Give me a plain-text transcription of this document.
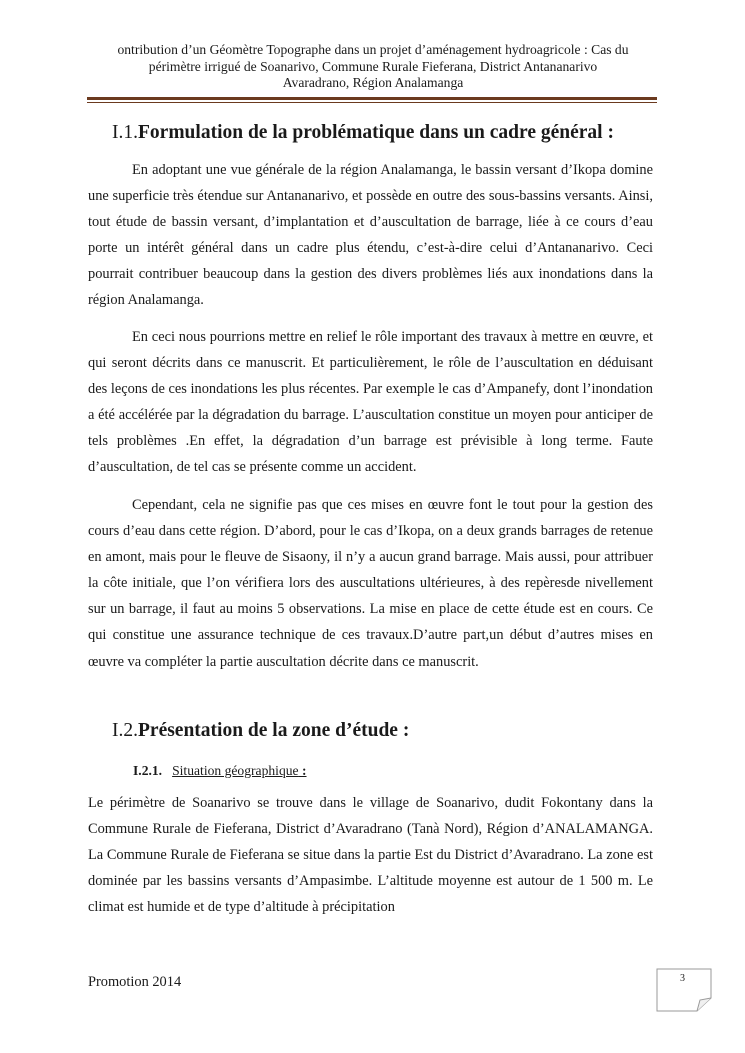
ontribution d’un Géomètre Topographe dans un projet d’aménagement hydroagricole : Cas du
périmètre irrigué de Soanarivo, Commune Rurale Fieferana, District Antananarivo
Avaradrano, Région Analamanga
I.1.Formulation de la problématique dans un cadre général :
En adoptant une vue générale de la région Analamanga, le bassin versant d’Ikopa domine une superficie très étendue sur Antananarivo, et possède en outre des sous-bassins versants. Ainsi, tout étude de bassin versant, d’implantation et d’auscultation de barrage, liée à ce cours d’eau porte un intérêt général dans un cadre plus étendu, c’est-à-dire celui d’Antananarivo. Ceci pourrait contribuer beaucoup dans la gestion des divers problèmes liés aux inondations dans la région Analamanga.
En ceci nous pourrions mettre en relief le rôle important des travaux à mettre en œuvre, et qui seront décrits dans ce manuscrit. Et particulièrement, le rôle de l’auscultation en déduisant des leçons de ces inondations les plus récentes. Par exemple le cas d’Ampanefy, dont l’inondation a été accélérée par la dégradation du barrage. L’auscultation constitue un moyen pour anticiper de tels problèmes .En effet, la dégradation d’un barrage est prévisible à long terme. Faute d’auscultation, de tel cas se présente comme un accident.
Cependant, cela ne signifie pas que ces mises en œuvre font le tout pour la gestion des cours d’eau dans cette région. D’abord, pour le cas d’Ikopa, on a deux grands barrages de retenue en amont, mais pour le fleuve de Sisaony, il n’y a aucun grand barrage. Mais aussi, pour attribuer la côte initiale, que l’on vérifiera lors des auscultations ultérieures, à des repèresde nivellement sur un barrage, il faut au moins 5 observations. La mise en place de cette étude est en cours. Ce qui constitue une assurance technique de ces travaux.D’autre part,un début d’autres mises en œuvre va compléter la partie auscultation décrite dans ce manuscrit.
I.2.Présentation de la zone d’étude :
I.2.1. Situation géographique :
Le périmètre de Soanarivo se trouve dans le village de Soanarivo, dudit Fokontany dans la Commune Rurale de Fieferana, District d’Avaradrano (Tanà Nord), Région d’ANALAMANGA. La Commune Rurale de Fieferana se situe dans la partie Est du District d’Avaradrano. La zone est dominée par les bassins versants d’Ampasimbe. L’altitude moyenne est autour de 1 500 m. Le climat est humide et de type d’altitude à précipitation
Promotion 2014	3
